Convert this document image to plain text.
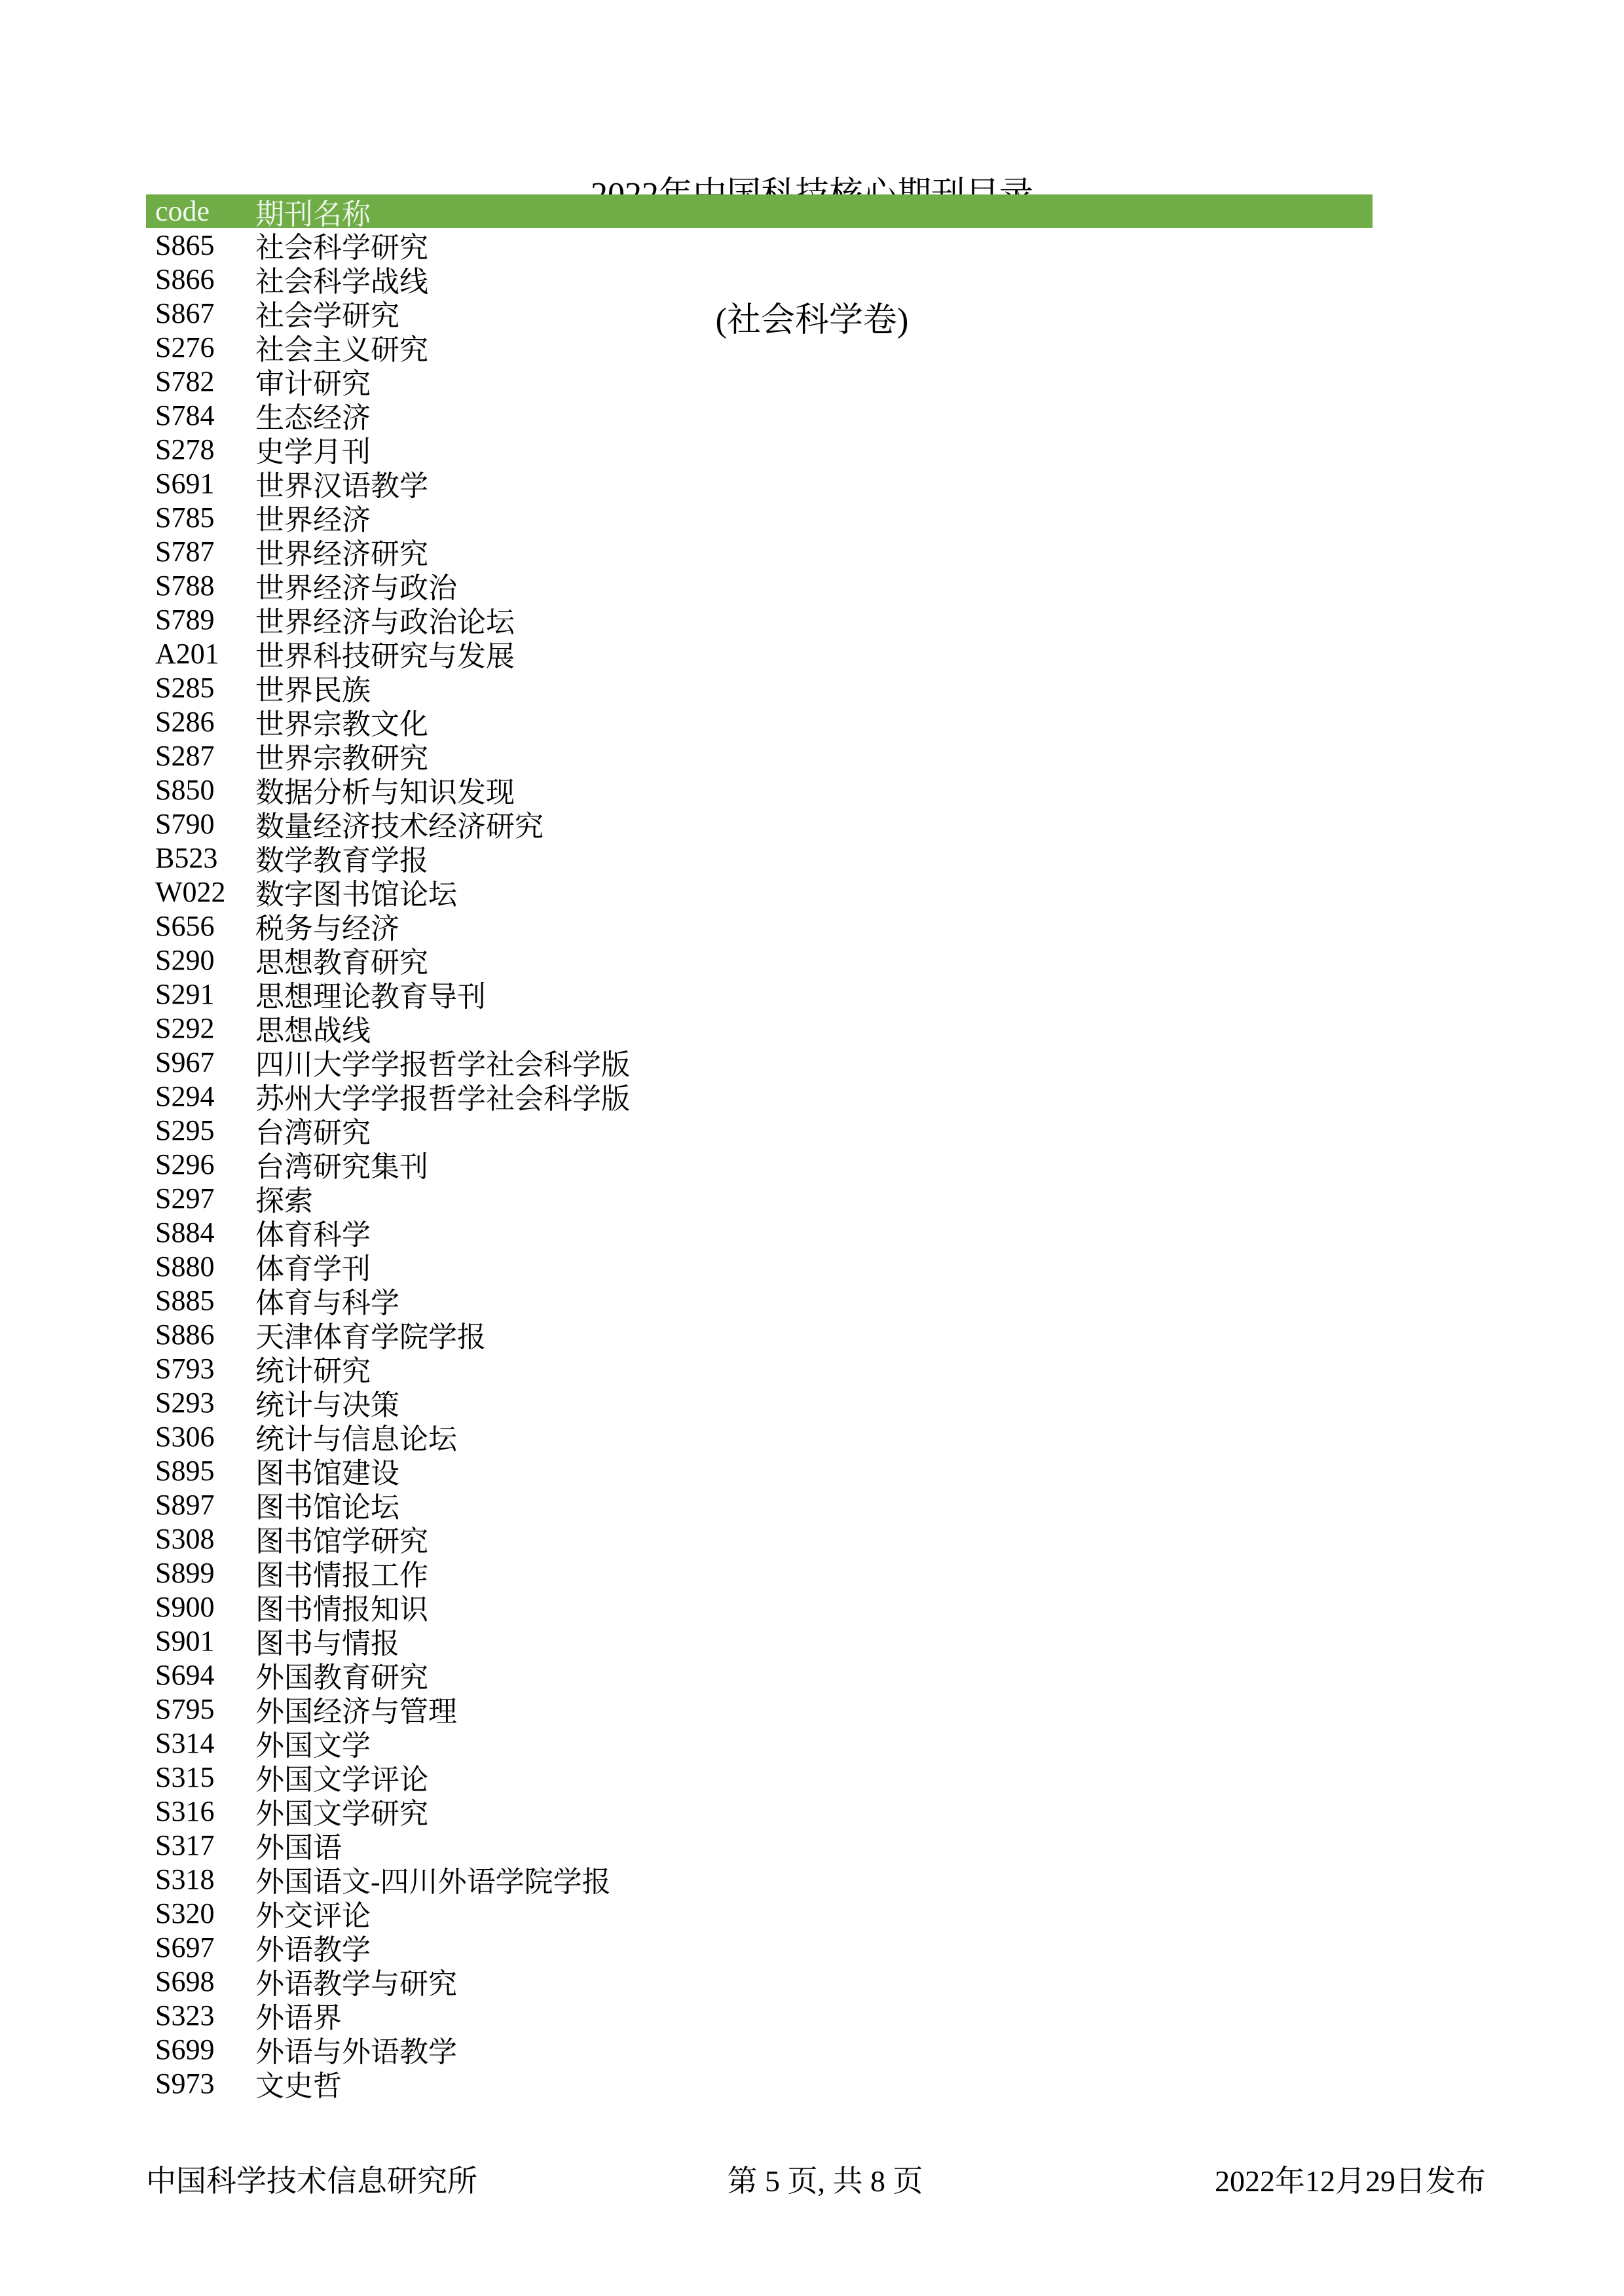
(社会科学卷)

code	期刊名称
S865	社会科学研究
S866	社会科学战线
S867	社会学研究
S276	社会主义研究
S782	审计研究
S784	生态经济
S278	史学月刊
S691	世界汉语教学
S785	世界经济
S787	世界经济研究
S788	世界经济与政治
S789	世界经济与政治论坛
A201	世界科技研究与发展
S285	世界民族
S286	世界宗教文化
S287	世界宗教研究
S850	数据分析与知识发现
S790	数量经济技术经济研究
B523	数学教育学报
W022	数字图书馆论坛
S656	税务与经济
S290	思想教育研究
S291	思想理论教育导刊
S292	思想战线
S967	四川大学学报哲学社会科学版
S294	苏州大学学报哲学社会科学版
S295	台湾研究
S296	台湾研究集刊
S297	探索
S884	体育科学
S880	体育学刊
S885	体育与科学
S886	天津体育学院学报
S793	统计研究
S293	统计与决策
S306	统计与信息论坛
S895	图书馆建设
S897	图书馆论坛
S308	图书馆学研究
S899	图书情报工作
S900	图书情报知识
S901	图书与情报
S694	外国教育研究
S795	外国经济与管理
S314	外国文学
S315	外国文学评论
S316	外国文学研究
S317	外国语
S318	外国语文-四川外语学院学报
S320	外交评论
S697	外语教学
S698	外语教学与研究
S323	外语界
S699	外语与外语教学
S973	文史哲
中国科学技术信息研究所	第 5 页, 共 8 页	2022年12月29日发布
